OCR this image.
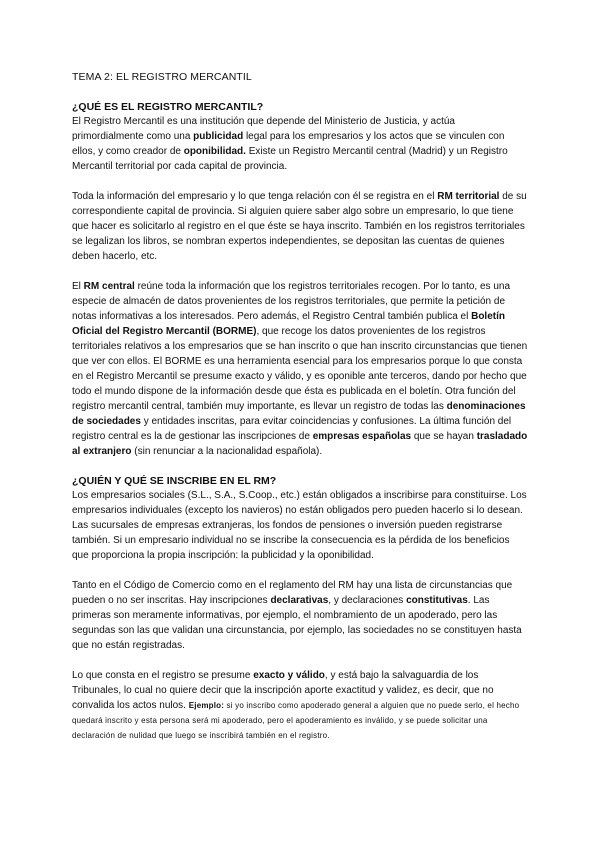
TEMA 2: EL REGISTRO MERCANTIL
¿QUÉ ES EL REGISTRO MERCANTIL?

El Registro Mercantil es una institución que depende del Ministerio de Justicia, y actúa primordialmente como una publicidad legal para los empresarios y los actos que se vinculen con ellos, y como creador de oponibilidad. Existe un Registro Mercantil central (Madrid) y un Registro Mercantil territorial por cada capital de provincia.

Toda la información del empresario y lo que tenga relación con él se registra en el RM territorial de su correspondiente capital de provincia. Si alguien quiere saber algo sobre un empresario, lo que tiene que hacer es solicitarlo al registro en el que éste se haya inscrito. También en los registros territoriales se legalizan los libros, se nombran expertos independientes, se depositan las cuentas de quienes deben hacerlo, etc.

El RM central reúne toda la información que los registros territoriales recogen. Por lo tanto, es una especie de almacén de datos provenientes de los registros territoriales, que permite la petición de notas informativas a los interesados. Pero además, el Registro Central también publica el Boletín Oficial del Registro Mercantil (BORME), que recoge los datos provenientes de los registros territoriales relativos a los empresarios que se han inscrito o que han inscrito circunstancias que tienen que ver con ellos. El BORME es una herramienta esencial para los empresarios porque lo que consta en el Registro Mercantil se presume exacto y válido, y es oponible ante terceros, dando por hecho que todo el mundo dispone de la información desde que ésta es publicada en el boletín. Otra función del registro mercantil central, también muy importante, es llevar un registro de todas las denominaciones de sociedades y entidades inscritas, para evitar coincidencias y confusiones. La última función del registro central es la de gestionar las inscripciones de empresas españolas que se hayan trasladado al extranjero (sin renunciar a la nacionalidad española).

¿QUIÉN Y QUÉ SE INSCRIBE EN EL RM?

Los empresarios sociales (S.L., S.A., S.Coop., etc.) están obligados a inscribirse para constituirse. Los empresarios individuales (excepto los navieros) no están obligados pero pueden hacerlo si lo desean. Las sucursales de empresas extranjeras, los fondos de pensiones o inversión pueden registrarse también. Si un empresario individual no se inscribe la consecuencia es la pérdida de los beneficios que proporciona la propia inscripción: la publicidad y la oponibilidad.

Tanto en el Código de Comercio como en el reglamento del RM hay una lista de circunstancias que pueden o no ser inscritas. Hay inscripciones declarativas, y declaraciones constitutivas. Las primeras son meramente informativas, por ejemplo, el nombramiento de un apoderado, pero las segundas son las que validan una circunstancia, por ejemplo, las sociedades no se constituyen hasta que no están registradas.

Lo que consta en el registro se presume exacto y válido, y está bajo la salvaguardia de los Tribunales, lo cual no quiere decir que la inscripción aporte exactitud y validez, es decir, que no convalida los actos nulos. Ejemplo: si yo inscribo como apoderado general a alguien que no puede serlo, el hecho quedará inscrito y esta persona será mi apoderado, pero el apoderamiento es inválido, y se puede solicitar una declaración de nulidad que luego se inscribirá también en el registro.
